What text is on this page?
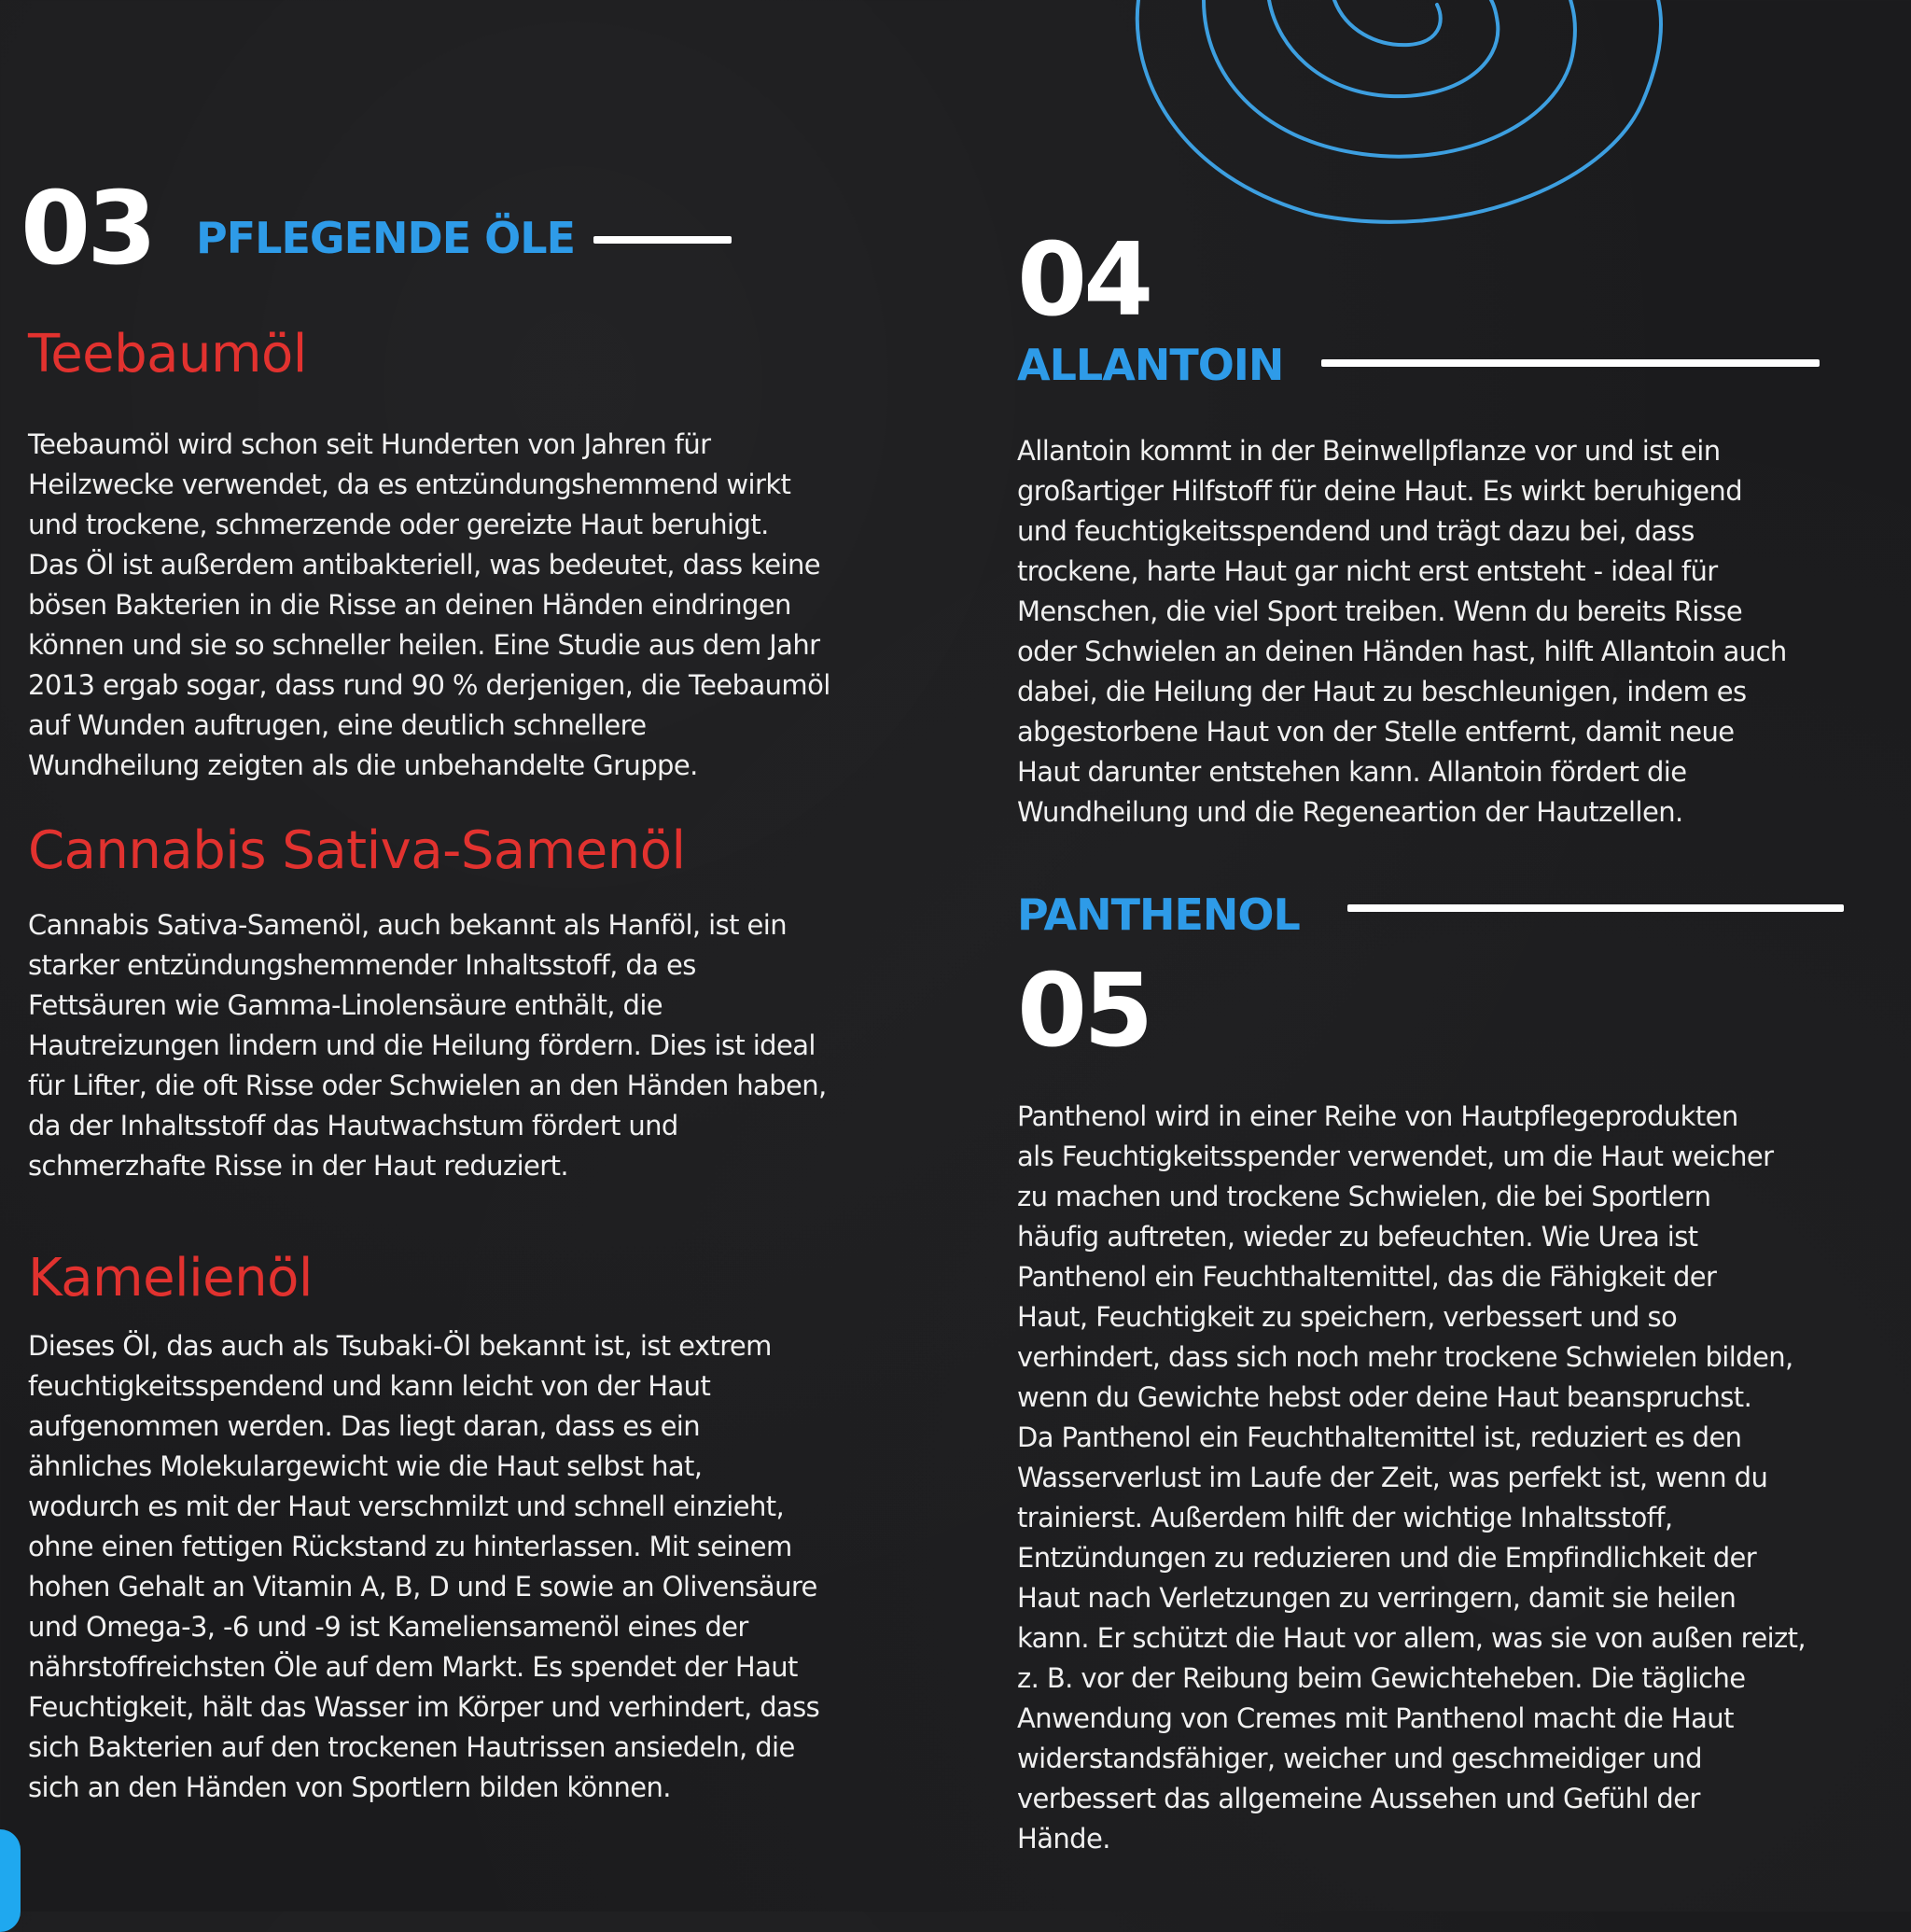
03 PFLEGENDE ÖLE
Teebaumöl

Teebaumöl wird schon seit Hunderten von Jahren für

Heilzwecke verwendet, da es entzündungshemmend wirkt

und trockene, schmerzende oder gereizte Haut beruhigt.

Das Öl ist außerdem antibakteriell, was bedeutet, dass keine

bösen Bakterien in die Risse an deinen Händen eindringen

können und sie so schneller heilen. Eine Studie aus dem Jahr

2013 ergab sogar, dass rund 90 % derjenigen, die Teebaumöl

auf Wunden auftrugen, eine deutlich schnellere

Wundheilung zeigten als die unbehandelte Gruppe.

Cannabis Sativa-Samenöl

Cannabis Sativa-Samenöl, auch bekannt als Hanföl, ist ein

starker entzündungshemmender Inhaltsstoff, da es

Fettsäuren wie Gamma-Linolensäure enthält, die

Hautreizungen lindern und die Heilung fördern. Dies ist ideal

für Lifter, die oft Risse oder Schwielen an den Händen haben,

da der Inhaltsstoff das Hautwachstum fördert und

schmerzhafte Risse in der Haut reduziert.

Kamelienöl

Dieses Öl, das auch als Tsubaki-Öl bekannt ist, ist extrem

feuchtigkeitsspendend und kann leicht von der Haut

aufgenommen werden. Das liegt daran, dass es ein

ähnliches Molekulargewicht wie die Haut selbst hat,

wodurch es mit der Haut verschmilzt und schnell einzieht,

ohne einen fettigen Rückstand zu hinterlassen. Mit seinem

hohen Gehalt an Vitamin A, B, D und E sowie an Olivensäure

und Omega-3, -6 und -9 ist Kameliensamenöl eines der

nährstoffreichsten Öle auf dem Markt. Es spendet der Haut

Feuchtigkeit, hält das Wasser im Körper und verhindert, dass

sich Bakterien auf den trockenen Hautrissen ansiedeln, die

sich an den Händen von Sportlern bilden können.

04
ALLANTOIN

Allantoin kommt in der Beinwellpflanze vor und ist ein

großartiger Hilfstoff für deine Haut. Es wirkt beruhigend

und feuchtigkeitsspendend und trägt dazu bei, dass

trockene, harte Haut gar nicht erst entsteht - ideal für

Menschen, die viel Sport treiben. Wenn du bereits Risse

oder Schwielen an deinen Händen hast, hilft Allantoin auch

dabei, die Heilung der Haut zu beschleunigen, indem es

abgestorbene Haut von der Stelle entfernt, damit neue

Haut darunter entstehen kann. Allantoin fördert die

Wundheilung und die Regeneartion der Hautzellen.

PANTHENOL
05

Panthenol wird in einer Reihe von Hautpflegeprodukten

als Feuchtigkeitsspender verwendet, um die Haut weicher

zu machen und trockene Schwielen, die bei Sportlern

häufig auftreten, wieder zu befeuchten. Wie Urea ist

Panthenol ein Feuchthaltemittel, das die Fähigkeit der

Haut, Feuchtigkeit zu speichern, verbessert und so

verhindert, dass sich noch mehr trockene Schwielen bilden,

wenn du Gewichte hebst oder deine Haut beanspruchst.

Da Panthenol ein Feuchthaltemittel ist, reduziert es den

Wasserverlust im Laufe der Zeit, was perfekt ist, wenn du

trainierst. Außerdem hilft der wichtige Inhaltsstoff,

Entzündungen zu reduzieren und die Empfindlichkeit der

Haut nach Verletzungen zu verringern, damit sie heilen

kann. Er schützt die Haut vor allem, was sie von außen reizt,

z. B. vor der Reibung beim Gewichteheben. Die tägliche

Anwendung von Cremes mit Panthenol macht die Haut

widerstandsfähiger, weicher und geschmeidiger und

verbessert das allgemeine Aussehen und Gefühl der

Hände.
